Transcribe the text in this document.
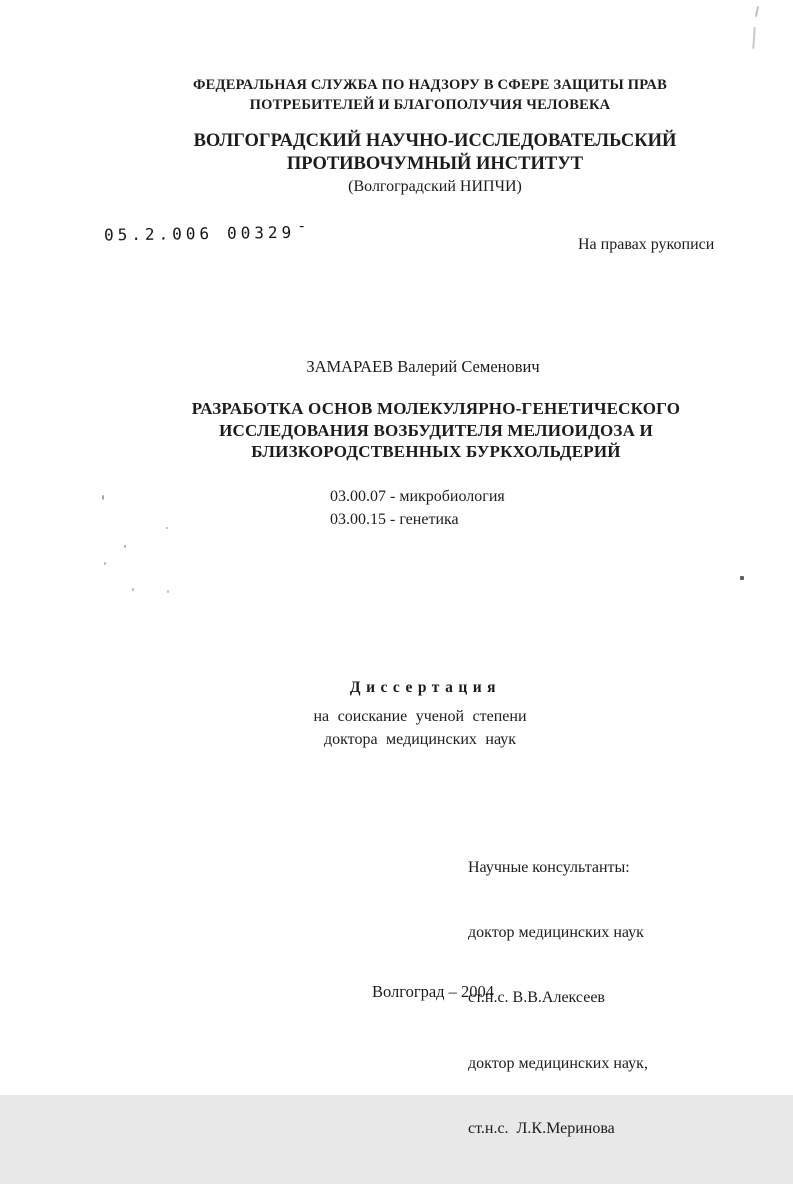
ФЕДЕРАЛЬНАЯ СЛУЖБА ПО НАДЗОРУ В СФЕРЕ ЗАЩИТЫ ПРАВ
ПОТРЕБИТЕЛЕЙ И БЛАГОПОЛУЧИЯ ЧЕЛОВЕКА
ВОЛГОГРАДСКИЙ НАУЧНО-ИССЛЕДОВАТЕЛЬСКИЙ
ПРОТИВОЧУМНЫЙ ИНСТИТУТ
(Волгоградский НИПЧИ)
05.2.006 00329 -
На правах рукописи
ЗАМАРАЕВ Валерий Семенович
РАЗРАБОТКА ОСНОВ МОЛЕКУЛЯРНО-ГЕНЕТИЧЕСКОГО
ИССЛЕДОВАНИЯ ВОЗБУДИТЕЛЯ МЕЛИОИДОЗА И
БЛИЗКОРОДСТВЕННЫХ БУРКХОЛЬДЕРИЙ
03.00.07 - микробиология
03.00.15 - генетика
Диссертация
на соискание ученой степени
доктора медицинских наук

Научные консультанты:

доктор медицинских наук

ст.н.с. В.В.Алексеев

доктор медицинских наук,

ст.н.с.  Л.К.Меринова

Волгоград – 2004
